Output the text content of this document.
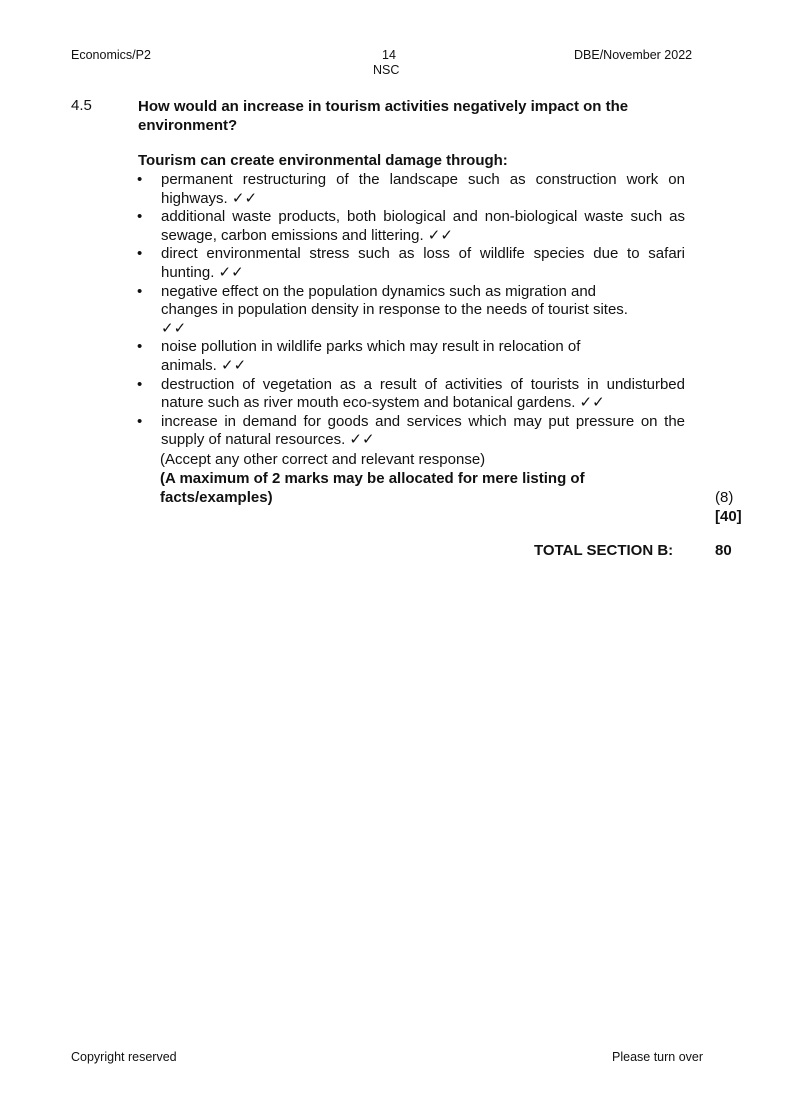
Economics/P2	14
NSC
DBE/November 2022
4.5	How would an increase in tourism activities negatively impact on the
environment?
Tourism can create environmental damage through:
• permanent restructuring of the landscape such as construction work on highways. ✓✓
• additional waste products, both biological and non-biological waste such as sewage, carbon emissions and littering. ✓✓
• direct environmental stress such as loss of wildlife species due to safari hunting. ✓✓
• negative effect on the population dynamics such as migration and changes in population density in response to the needs of tourist sites. ✓✓
• noise pollution in wildlife parks which may result in relocation of animals. ✓✓
• destruction of vegetation as a result of activities of tourists in undisturbed nature such as river mouth eco-system and botanical gardens. ✓✓
• increase in demand for goods and services which may put pressure on the supply of natural resources. ✓✓
(Accept any other correct and relevant response)
(A maximum of 2 marks may be allocated for mere listing of
facts/examples)	(8)
[40]
TOTAL SECTION B:	80
Copyright reserved	Please turn over
